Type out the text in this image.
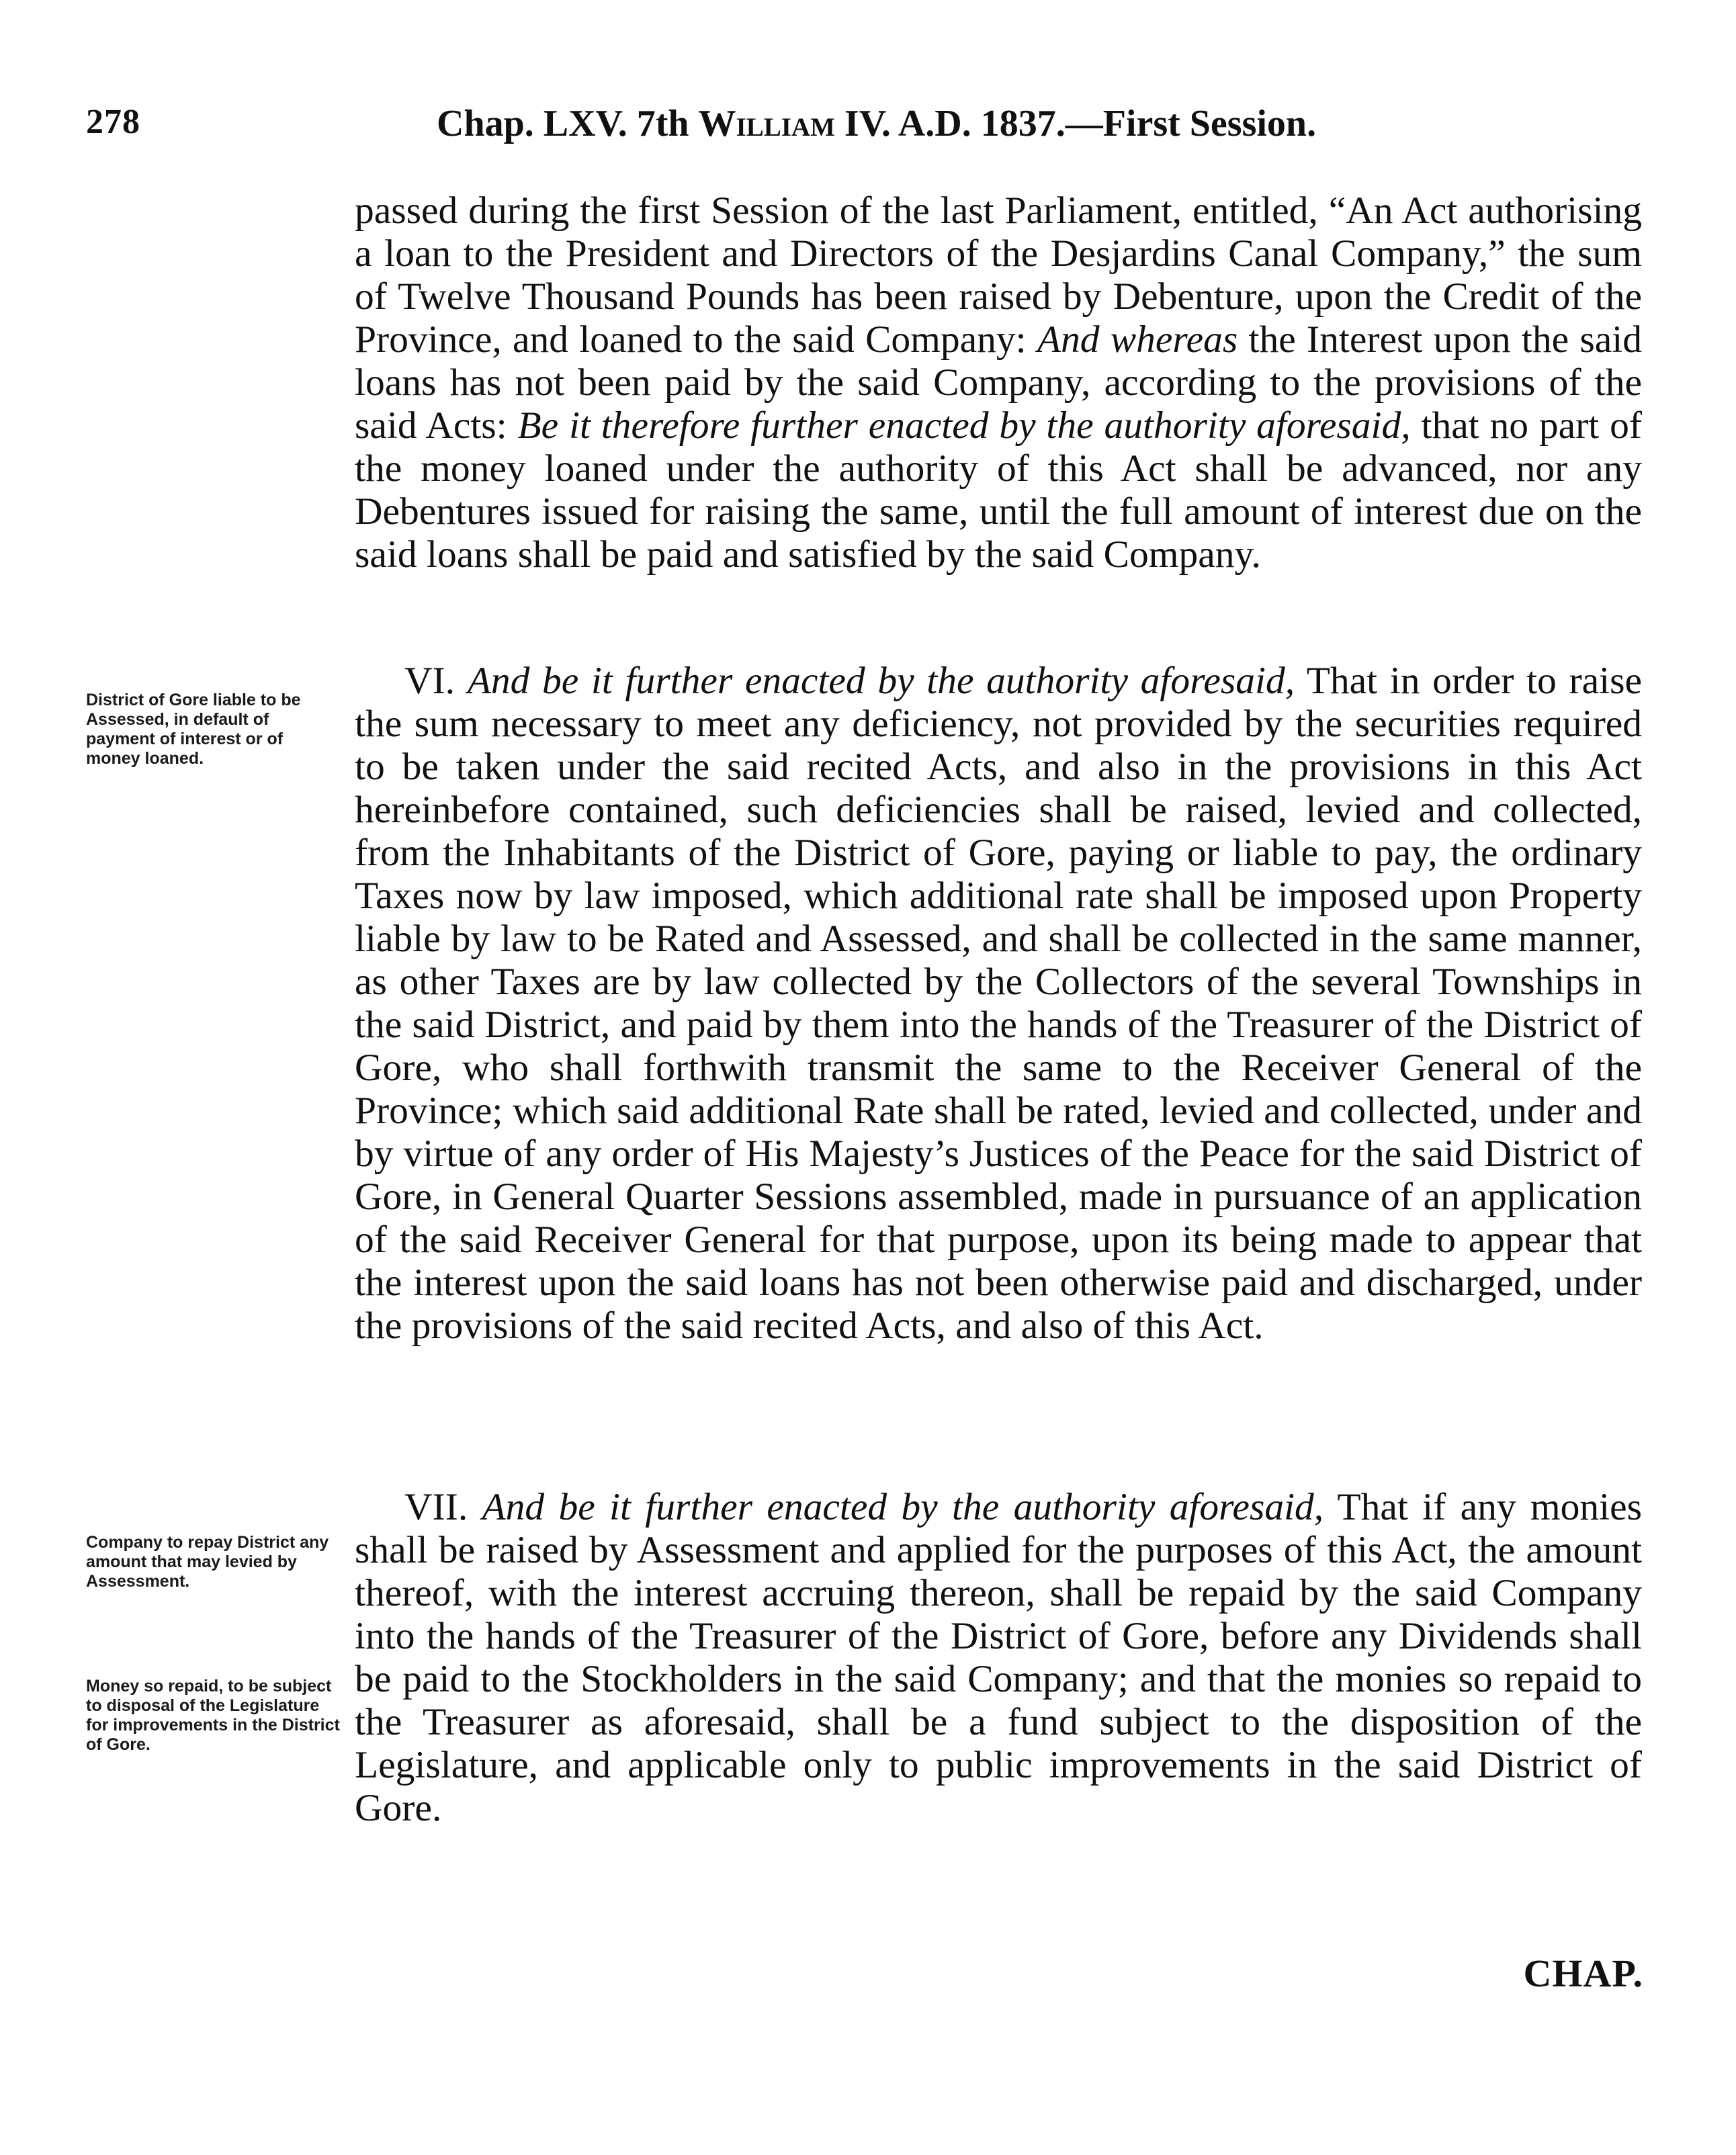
278	Chap. LXV. 7th William IV. A.D. 1837.—First Session.
passed during the first Session of the last Parliament, entitled, “An Act authorising a loan to the President and Directors of the Desjardins Canal Company,” the sum of Twelve Thousand Pounds has been raised by Debenture, upon the Credit of the Province, and loaned to the said Company: And whereas the Interest upon the said loans has not been paid by the said Company, according to the provisions of the said Acts: Be it therefore further enacted by the authority aforesaid, that no part of the money loaned under the authority of this Act shall be advanced, nor any Debentures issued for raising the same, until the full amount of interest due on the said loans shall be paid and satisfied by the said Company.
VI. And be it further enacted by the authority aforesaid, That in order to raise the sum necessary to meet any deficiency, not provided by the securities required to be taken under the said recited Acts, and also in the provisions in this Act hereinbefore contained, such deficiencies shall be raised, levied and collected, from the Inhabitants of the District of Gore, paying or liable to pay, the ordinary Taxes now by law imposed, which additional rate shall be imposed upon Property liable by law to be Rated and Assessed, and shall be collected in the same manner, as other Taxes are by law collected by the Collectors of the several Townships in the said District, and paid by them into the hands of the Treasurer of the District of Gore, who shall forthwith transmit the same to the Receiver General of the Province; which said additional Rate shall be rated, levied and collected, under and by virtue of any order of His Majesty’s Justices of the Peace for the said District of Gore, in General Quarter Sessions assembled, made in pursuance of an application of the said Receiver General for that purpose, upon its being made to appear that the interest upon the said loans has not been otherwise paid and discharged, under the provisions of the said recited Acts, and also of this Act.
VII. And be it further enacted by the authority aforesaid, That if any monies shall be raised by Assessment and applied for the purposes of this Act, the amount thereof, with the interest accruing thereon, shall be repaid by the said Company into the hands of the Treasurer of the District of Gore, before any Dividends shall be paid to the Stockholders in the said Company; and that the monies so repaid to the Treasurer as aforesaid, shall be a fund subject to the disposition of the Legislature, and applicable only to public improvements in the said District of Gore.
District of Gore liable to be Assessed, in default of payment of interest or of money loaned.
Company to repay District any amount that may levied by Assessment.
Money so repaid, to be subject to disposal of the Legislature for improvements in the District of Gore.
CHAP.
